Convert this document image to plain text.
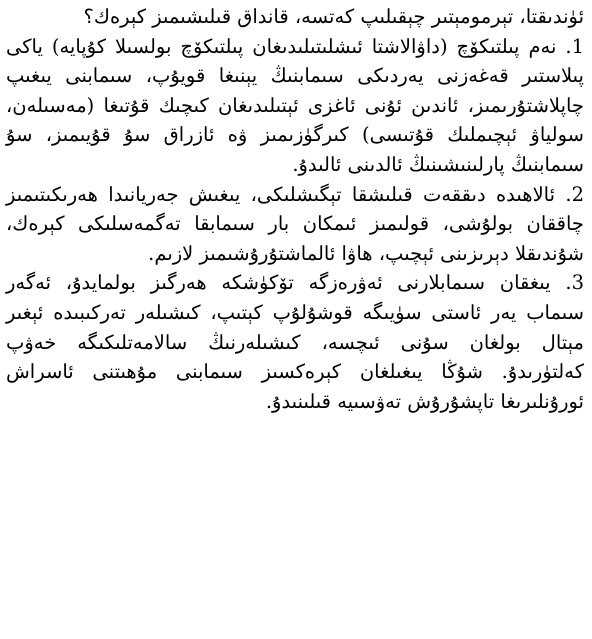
ئۈندىقتا، تېرمومېتىر چېقىلىپ كەتسە، قانداق قىلىشىمىز كېرەك؟

1. نەم پىلتىكۆچ (داۋالاشتا ئىشلىتىلىدىغان پىلتىكۆچ بولسىلا كۇپايە) ياكى پىلاستىر قەغەزنى يەردىكى سىمابنىڭ يېنىغا قويۇپ، سىمابنى يىغىپ چاپلاشتۇرىمىز، ئاندىن ئۇنى ئاغزى ئېتىلىدىغان كىچىك قۇتىغا (مەسىلەن، سولياۋ ئېچىملىك قۇتىسى) كىرگۈزىمىز ۋە ئازراق سۇ قۇيىمىز، سۇ سىمابنىڭ پارلىنىشىنىڭ ئالدىنى ئالىدۇ.

2. ئالاھىدە دىققەت قىلىشقا تېگىشلىكى، يىغىش جەريانىدا ھەرىكىتىمىز چاققان بولۇشى، قولىمىز ئىمكان بار سىمابقا تەگمەسلىكى كېرەك، شۇندىقلا دېرىزىنى ئېچىپ، ھاۋا ئالماشتۇرۇشىمىز لازىم.

3. يىغقان سىمابلارنى ئەۋرەزگە تۆكۈشكە ھەرگىز بولمايدۇ، ئەگەر سىماب يەر ئاستى سۈيىگە قوشۇلۇپ كېتىپ، كىشىلەر تەركىبىدە ئېغىر مېتال بولغان سۇنى ئىچسە، كىشىلەرنىڭ سالامەتلىكىگە خەۋپ كەلتۈرىدۇ. شۇڭا يىغىلغان كېرەكسىز سىمابنى مۇھىتنى ئاسراش ئورۇنلىرىغا تاپشۇرۇش تەۋسىيە قىلىنىدۇ.
